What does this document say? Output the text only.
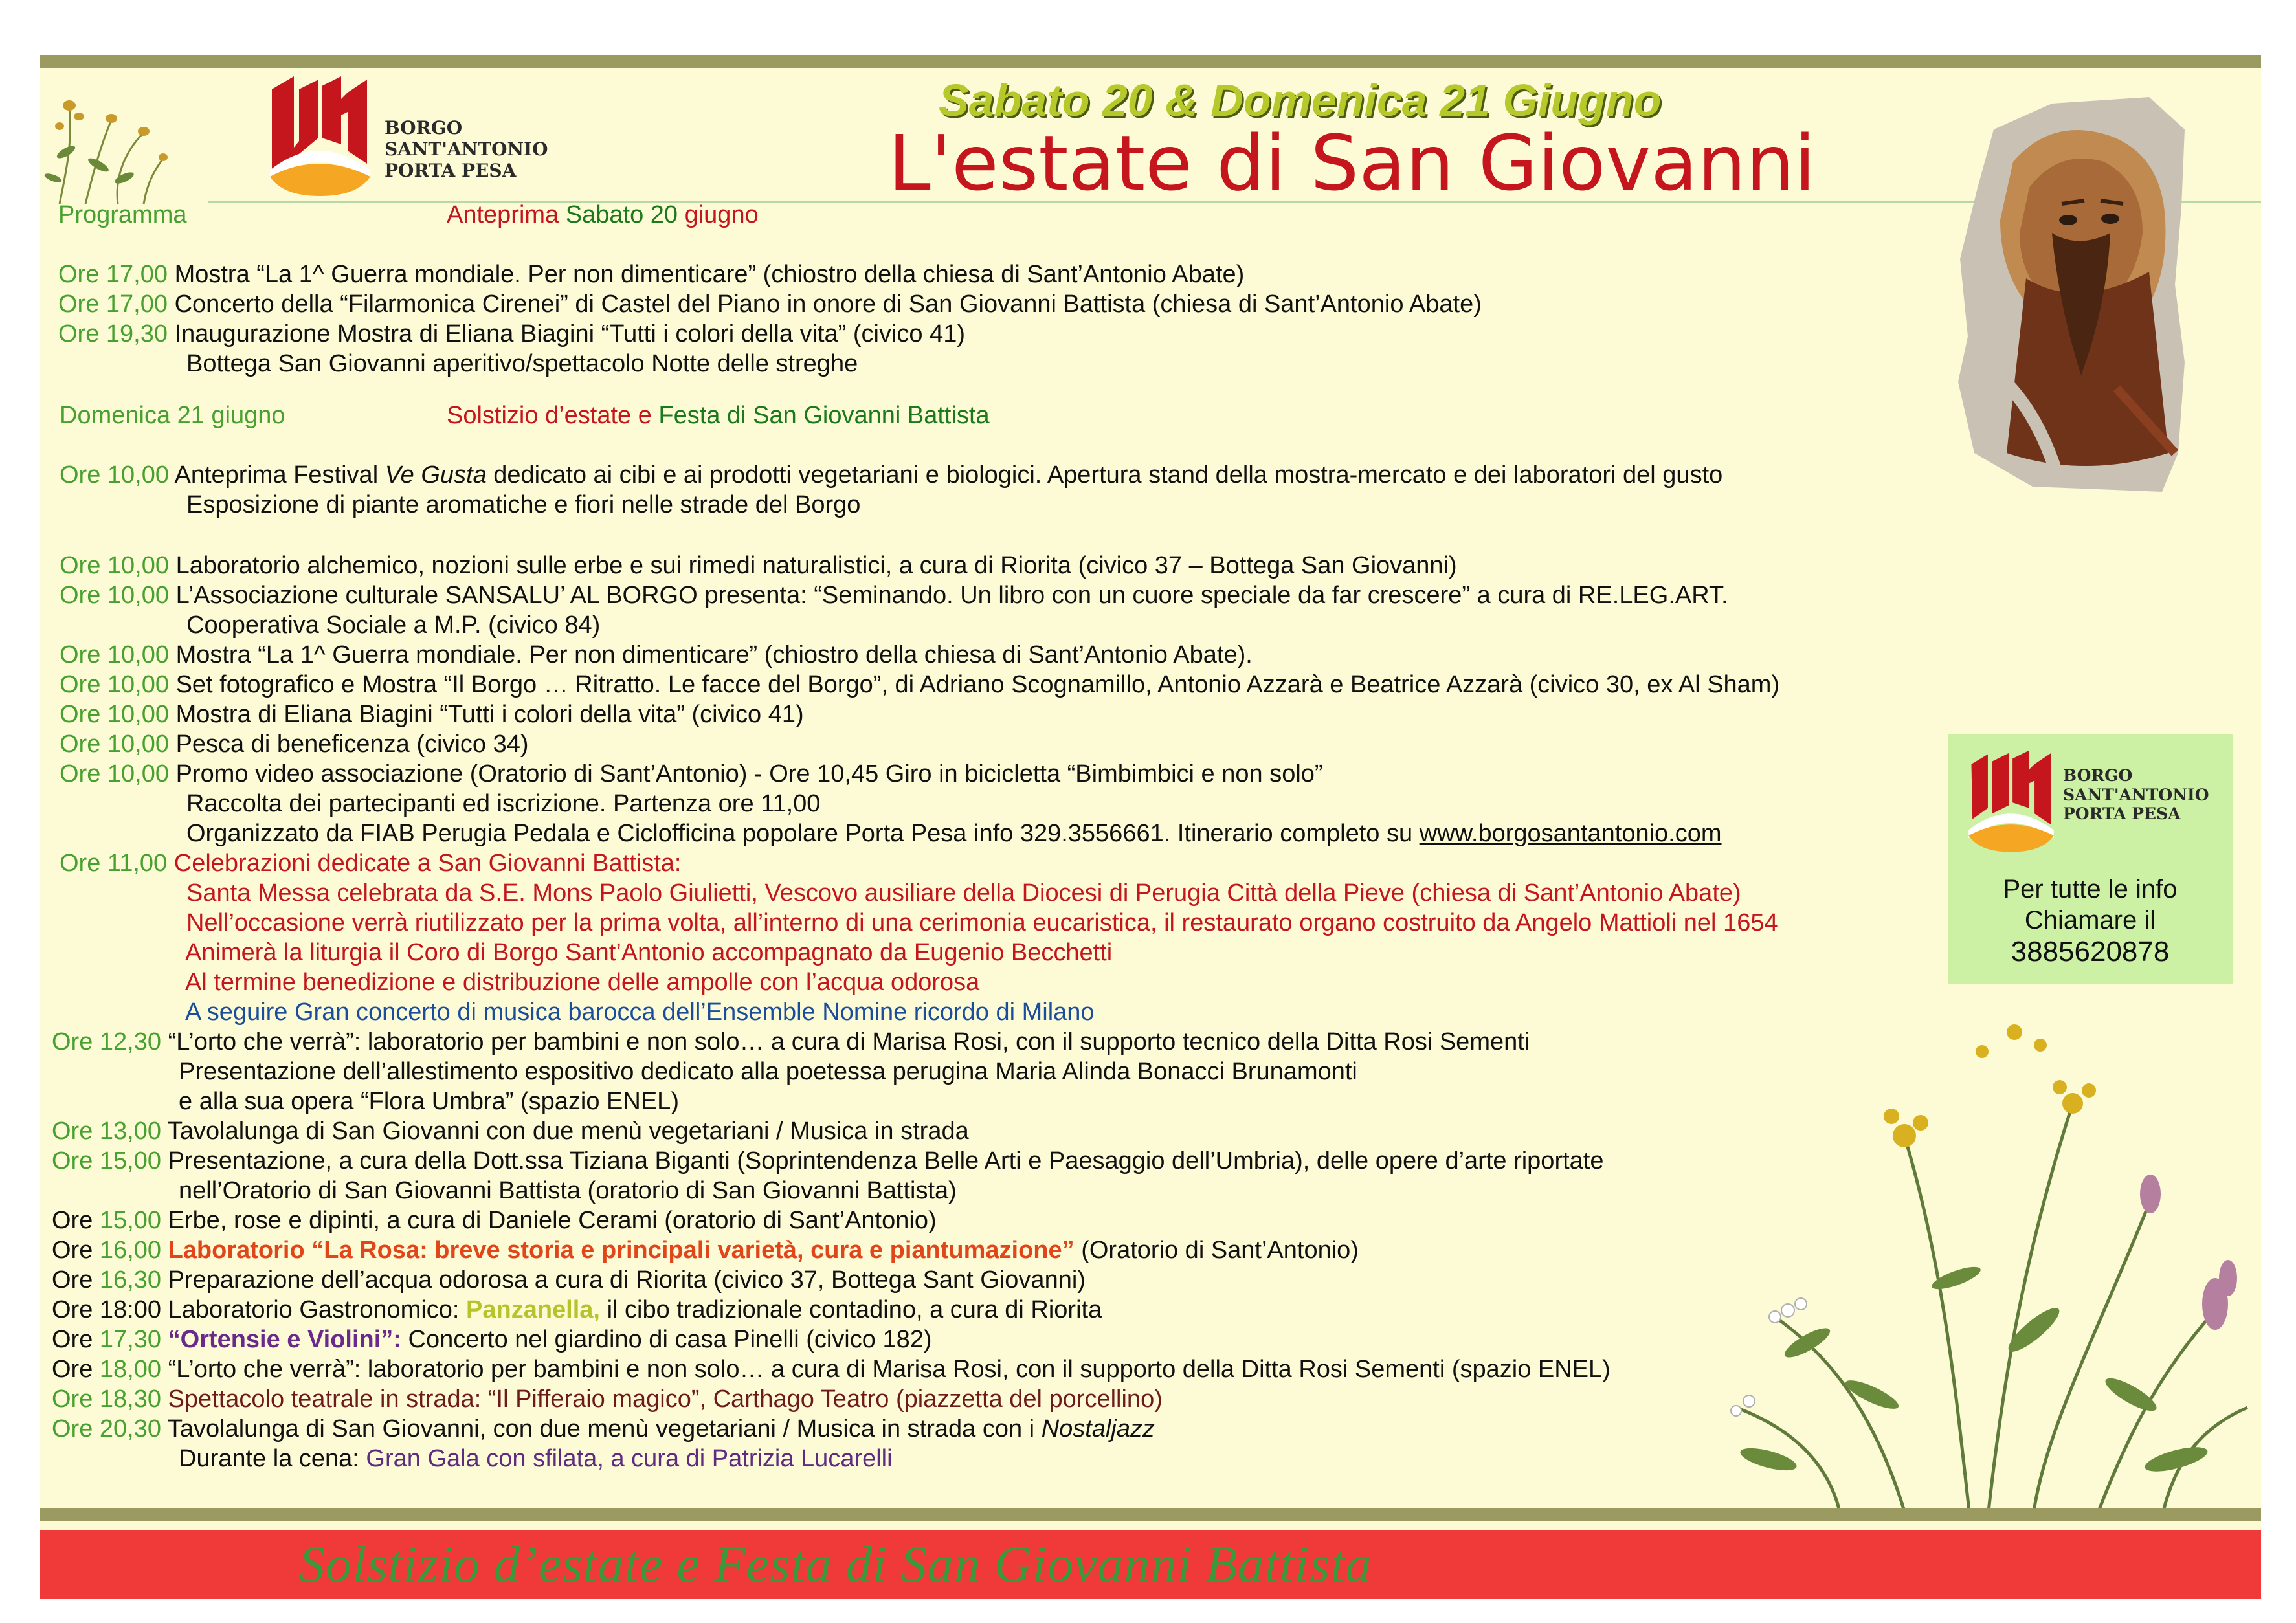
BORGO
SANT'ANTONIO
PORTA PESA
Sabato 20 & Domenica 21 Giugno
L'estate di San Giovanni
Programma	Anteprima Sabato 20 giugno
Ore 17,00 Mostra “La 1^ Guerra mondiale. Per non dimenticare” (chiostro della chiesa di Sant’Antonio Abate)
Ore 17,00 Concerto della “Filarmonica Cirenei” di Castel del Piano in onore di San Giovanni Battista (chiesa di Sant’Antonio Abate)
Ore 19,30 Inaugurazione Mostra di Eliana Biagini “Tutti i colori della vita” (civico 41)
Bottega San Giovanni aperitivo/spettacolo Notte delle streghe
Domenica 21 giugno	Solstizio d’estate e Festa di San Giovanni Battista
Ore 10,00 Anteprima Festival Ve Gusta dedicato ai cibi e ai prodotti vegetariani e biologici. Apertura stand della mostra-mercato e dei laboratori del gusto
Esposizione di piante aromatiche e fiori nelle strade del Borgo
Ore 10,00 Laboratorio alchemico, nozioni sulle erbe e sui rimedi naturalistici, a cura di Riorita (civico 37 – Bottega San Giovanni)
Ore 10,00 L’Associazione culturale SANSALU’ AL BORGO presenta: “Seminando. Un libro con un cuore speciale da far crescere” a cura di RE.LEG.ART.
Cooperativa Sociale a M.P. (civico 84)
Ore 10,00 Mostra “La 1^ Guerra mondiale. Per non dimenticare” (chiostro della chiesa di Sant’Antonio Abate).
Ore 10,00 Set fotografico e Mostra “Il Borgo … Ritratto. Le facce del Borgo”, di Adriano Scognamillo, Antonio Azzarà e Beatrice Azzarà (civico 30, ex Al Sham)
Ore 10,00 Mostra di Eliana Biagini “Tutti i colori della vita” (civico 41)
Ore 10,00 Pesca di beneficenza (civico 34)
Ore 10,00 Promo video associazione (Oratorio di Sant’Antonio) - Ore 10,45 Giro in bicicletta “Bimbimbici e non solo”
Raccolta dei partecipanti ed iscrizione. Partenza ore 11,00
Organizzato da FIAB Perugia Pedala e Ciclofficina popolare Porta Pesa info 329.3556661. Itinerario completo su www.borgosantantonio.com
Ore 11,00 Celebrazioni dedicate a San Giovanni Battista:
Santa Messa celebrata da S.E. Mons Paolo Giulietti, Vescovo ausiliare della Diocesi di Perugia Città della Pieve (chiesa di Sant’Antonio Abate)
Nell’occasione verrà riutilizzato per la prima volta, all’interno di una cerimonia eucaristica, il restaurato organo costruito da Angelo Mattioli nel 1654
Animerà la liturgia il Coro di Borgo Sant’Antonio accompagnato da Eugenio Becchetti
Al termine benedizione e distribuzione delle ampolle con l’acqua odorosa
A seguire Gran concerto di musica barocca dell’Ensemble Nomine ricordo di Milano
Ore 12,30 “L’orto che verrà”: laboratorio per bambini e non solo… a cura di Marisa Rosi, con il supporto tecnico della Ditta Rosi Sementi
Presentazione dell’allestimento espositivo dedicato alla poetessa perugina Maria Alinda Bonacci Brunamonti
e alla sua opera “Flora Umbra” (spazio ENEL)
Ore 13,00 Tavolalunga di San Giovanni con due menù vegetariani / Musica in strada
Ore 15,00 Presentazione, a cura della Dott.ssa Tiziana Biganti (Soprintendenza Belle Arti e Paesaggio dell’Umbria), delle opere d’arte riportate
nell’Oratorio di San Giovanni Battista (oratorio di San Giovanni Battista)
Ore 15,00 Erbe, rose e dipinti, a cura di Daniele Cerami (oratorio di Sant’Antonio)
Ore 16,00 Laboratorio “La Rosa: breve storia e principali varietà, cura e piantumazione” (Oratorio di Sant’Antonio)
Ore 16,30 Preparazione dell’acqua odorosa a cura di Riorita (civico 37, Bottega Sant Giovanni)
Ore 18:00 Laboratorio Gastronomico: Panzanella, il cibo tradizionale contadino, a cura di Riorita
Ore 17,30 “Ortensie e Violini”: Concerto nel giardino di casa Pinelli (civico 182)
Ore 18,00 “L’orto che verrà”: laboratorio per bambini e non solo… a cura di Marisa Rosi, con il supporto della Ditta Rosi Sementi (spazio ENEL)
Ore 18,30 Spettacolo teatrale in strada: “Il Pifferaio magico”, Carthago Teatro (piazzetta del porcellino)
Ore 20,30 Tavolalunga di San Giovanni, con due menù vegetariani / Musica in strada con i Nostaljazz
Durante la cena: Gran Gala con sfilata, a cura di Patrizia Lucarelli
BORGO
SANT'ANTONIO
PORTA PESA
Per tutte le info
Chiamare il
3885620878
Solstizio d’estate e Festa di San Giovanni Battista
